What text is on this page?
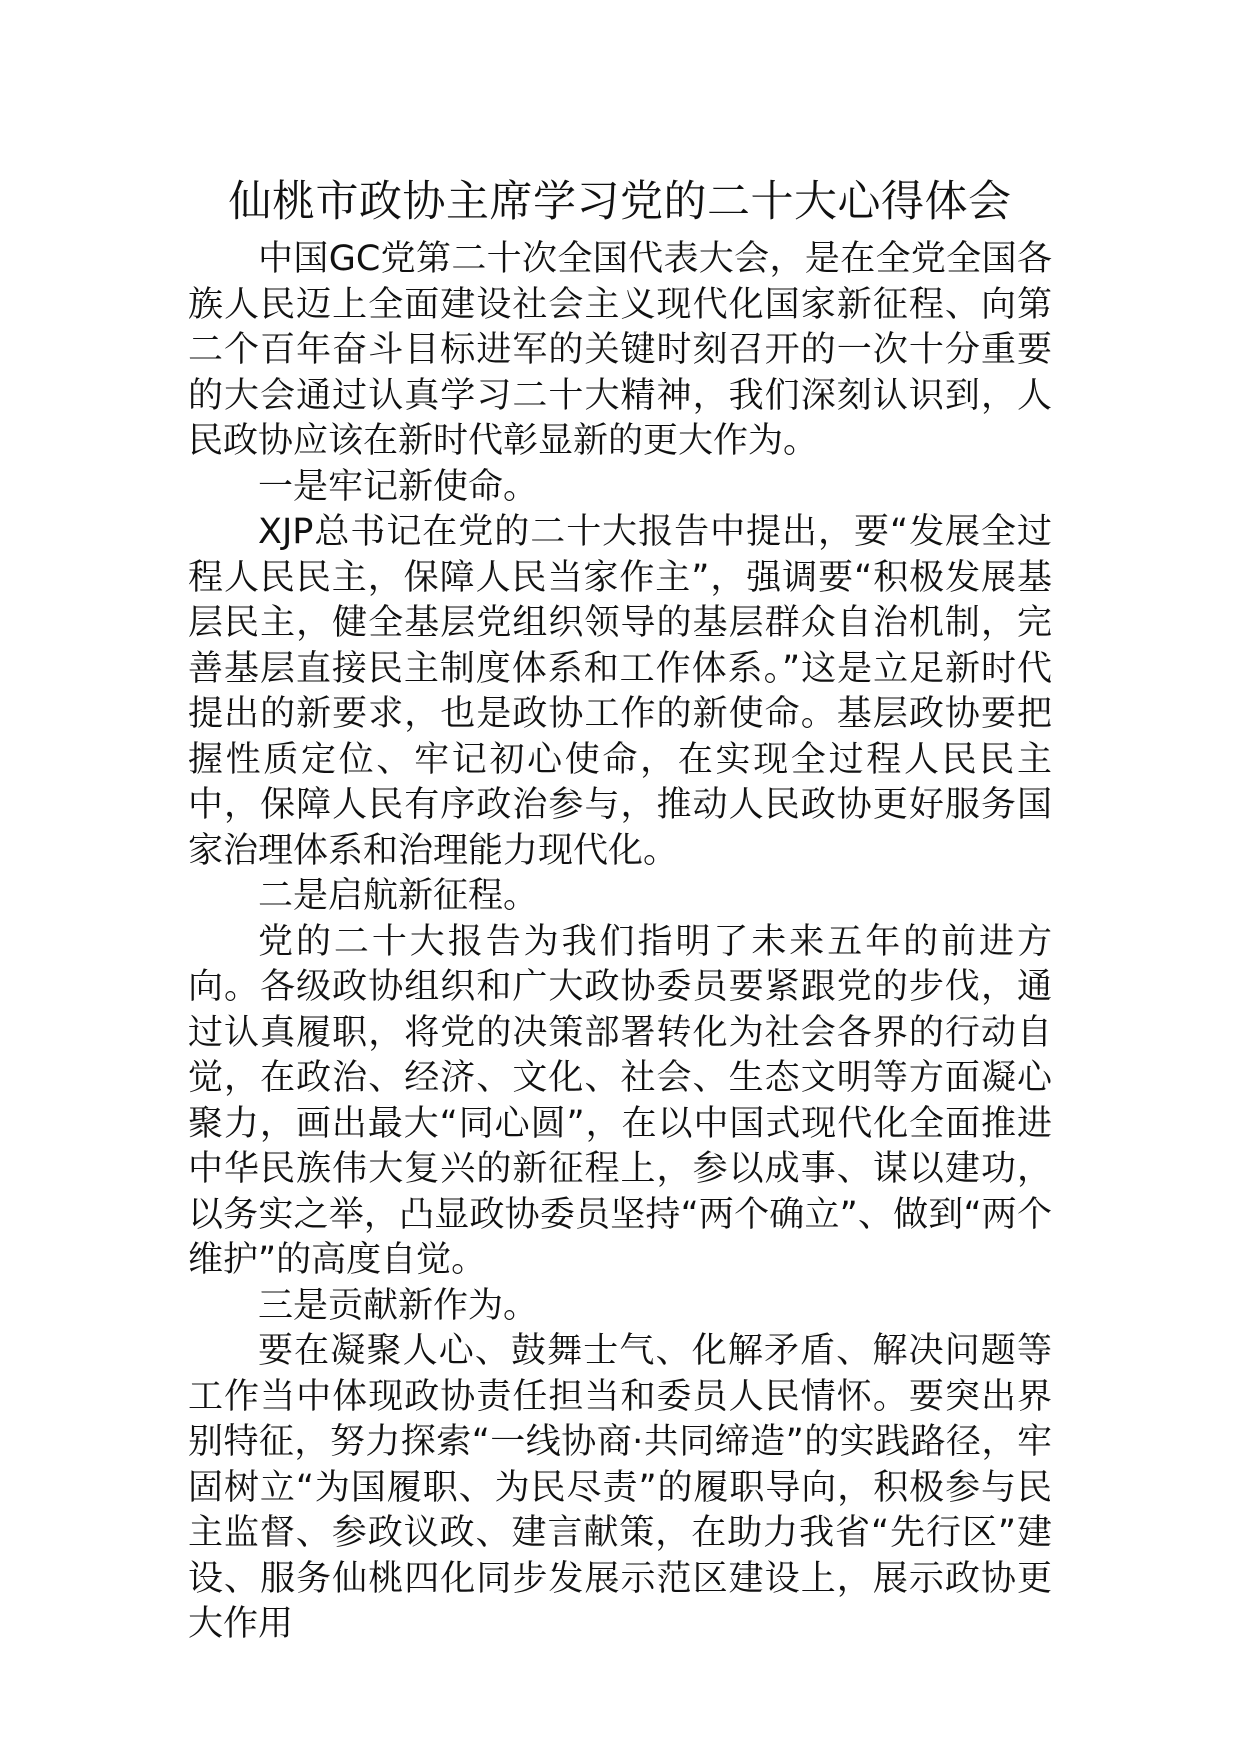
仙桃市政协主席学习党的二十大心得体会

中国GC党第二十次全国代表大会，是在全党全国各族人民迈上全面建设社会主义现代化国家新征程、向第二个百年奋斗目标进军的关键时刻召开的一次十分重要的大会通过认真学习二十大精神，我们深刻认识到，人民政协应该在新时代彰显新的更大作为。

一是牢记新使命。

XJP总书记在党的二十大报告中提出，要“发展全过程人民民主，保障人民当家作主”，强调要“积极发展基层民主，健全基层党组织领导的基层群众自治机制，完善基层直接民主制度体系和工作体系。”这是立足新时代提出的新要求，也是政协工作的新使命。基层政协要把握性质定位、牢记初心使命，在实现全过程人民民主中，保障人民有序政治参与，推动人民政协更好服务国家治理体系和治理能力现代化。

二是启航新征程。

党的二十大报告为我们指明了未来五年的前进方向。各级政协组织和广大政协委员要紧跟党的步伐，通过认真履职，将党的决策部署转化为社会各界的行动自觉，在政治、经济、文化、社会、生态文明等方面凝心聚力，画出最大“同心圆”，在以中国式现代化全面推进中华民族伟大复兴的新征程上，参以成事、谋以建功，以务实之举，凸显政协委员坚持“两个确立”、做到“两个维护”的高度自觉。

三是贡献新作为。

要在凝聚人心、鼓舞士气、化解矛盾、解决问题等工作当中体现政协责任担当和委员人民情怀。要突出界别特征，努力探索“一线协商·共同缔造”的实践路径，牢固树立“为国履职、为民尽责”的履职导向，积极参与民主监督、参政议政、建言献策，在助力我省“先行区”建设、服务仙桃四化同步发展示范区建设上，展示政协更大作用
